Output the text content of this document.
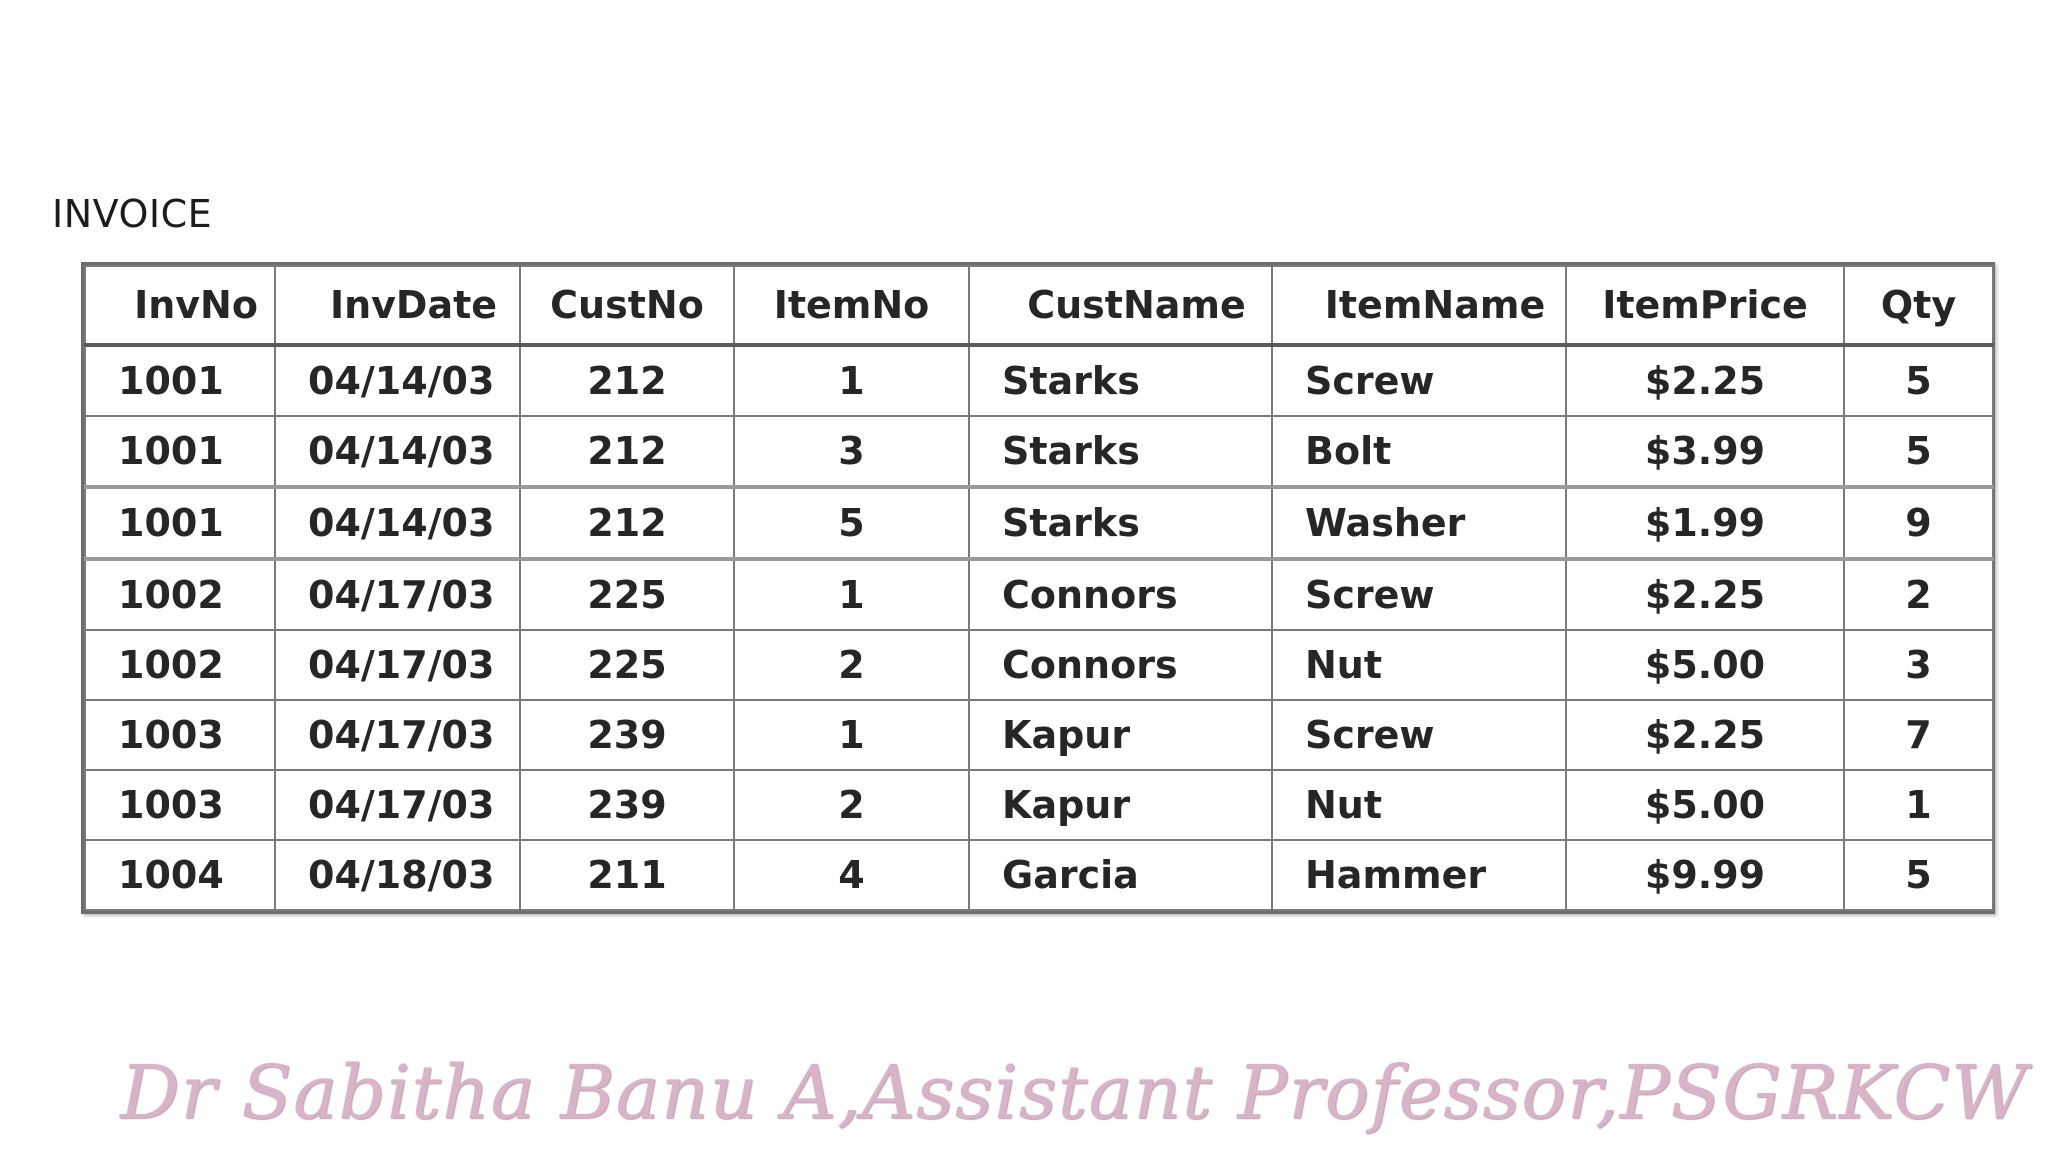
INVOICE
InvNo	InvDate	CustNo	ItemNo	CustName	ItemName	ItemPrice	Qty
1001	04/14/03	212	1	Starks	Screw	$2.25	5
1001	04/14/03	212	3	Starks	Bolt	$3.99	5
1001	04/14/03	212	5	Starks	Washer	$1.99	9
1002	04/17/03	225	1	Connors	Screw	$2.25	2
1002	04/17/03	225	2	Connors	Nut	$5.00	3
1003	04/17/03	239	1	Kapur	Screw	$2.25	7
1003	04/17/03	239	2	Kapur	Nut	$5.00	1
1004	04/18/03	211	4	Garcia	Hammer	$9.99	5
Dr Sabitha Banu A,Assistant Professor,PSGRKCW
